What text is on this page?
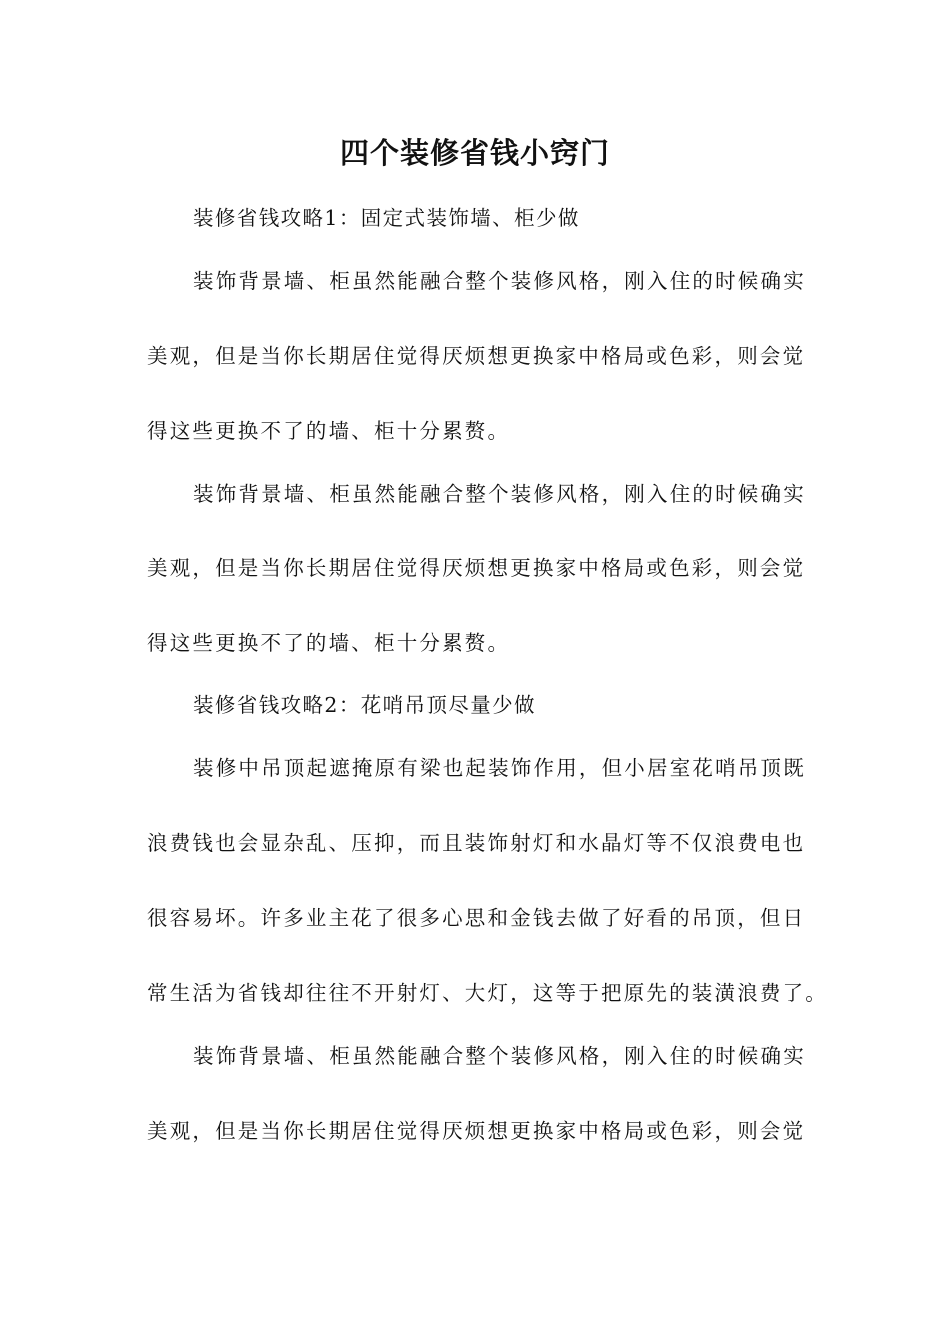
四个装修省钱小窍门
装修省钱攻略1：固定式装饰墙、柜少做
装饰背景墙、柜虽然能融合整个装修风格，刚入住的时候确实
美观，但是当你长期居住觉得厌烦想更换家中格局或色彩，则会觉
得这些更换不了的墙、柜十分累赘。
装饰背景墙、柜虽然能融合整个装修风格，刚入住的时候确实
美观，但是当你长期居住觉得厌烦想更换家中格局或色彩，则会觉
得这些更换不了的墙、柜十分累赘。
装修省钱攻略2：花哨吊顶尽量少做
装修中吊顶起遮掩原有梁也起装饰作用，但小居室花哨吊顶既
浪费钱也会显杂乱、压抑，而且装饰射灯和水晶灯等不仅浪费电也
很容易坏。许多业主花了很多心思和金钱去做了好看的吊顶，但日
常生活为省钱却往往不开射灯、大灯，这等于把原先的装潢浪费了。
装饰背景墙、柜虽然能融合整个装修风格，刚入住的时候确实
美观，但是当你长期居住觉得厌烦想更换家中格局或色彩，则会觉
